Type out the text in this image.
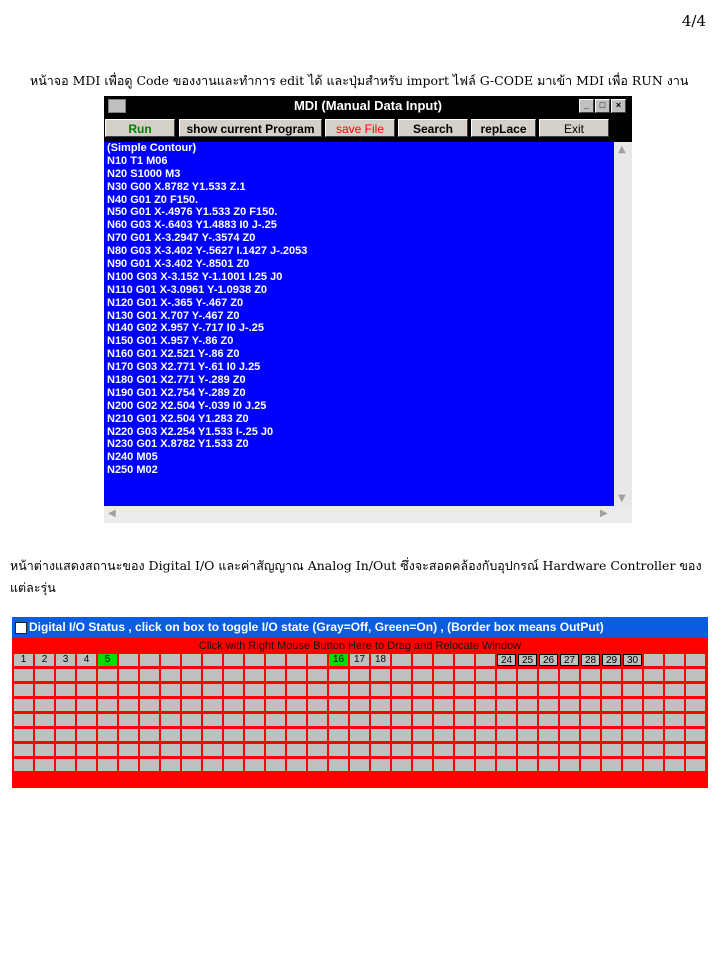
4/4
หน้าจอ MDI เพื่อดู Code ของงานและทำการ edit ได้ และปุ่มสำหรับ import ไฟล์ G-CODE มาเข้า MDI เพื่อ RUN งาน
MDI (Manual Data Input)	_	□	×
Run	show current Program	save File	Search	repLace	Exit
(Simple Contour)
N10 T1 M06
N20 S1000 M3
N30 G00 X.8782 Y1.533 Z.1
N40 G01 Z0 F150.
N50 G01 X-.4976 Y1.533 Z0 F150.
N60 G03 X-.6403 Y1.4883 I0 J-.25
N70 G01 X-3.2947 Y-.3574 Z0
N80 G03 X-3.402 Y-.5627 I.1427 J-.2053
N90 G01 X-3.402 Y-.8501 Z0
N100 G03 X-3.152 Y-1.1001 I.25 J0
N110 G01 X-3.0961 Y-1.0938 Z0
N120 G01 X-.365 Y-.467 Z0
N130 G01 X.707 Y-.467 Z0
N140 G02 X.957 Y-.717 I0 J-.25
N150 G01 X.957 Y-.86 Z0
N160 G01 X2.521 Y-.86 Z0
N170 G03 X2.771 Y-.61 I0 J.25
N180 G01 X2.771 Y-.289 Z0
N190 G01 X2.754 Y-.289 Z0
N200 G02 X2.504 Y-.039 I0 J.25
N210 G01 X2.504 Y1.283 Z0
N220 G03 X2.254 Y1.533 I-.25 J0
N230 G01 X.8782 Y1.533 Z0
N240 M05
N250 M02
▲
▼
◀	▶
หน้าต่างแสดงสถานะของ Digital I/O และค่าสัญญาณ Analog In/Out ซึ่งจะสอดคล้องกับอุปกรณ์ Hardware Controller ของแต่ละรุ่น
Digital I/O Status , click on box to toggle I/O state (Gray=Off, Green=On) , (Border box means OutPut)
Click with Right Mouse Button Here to Drag and Relocate Window
1	2	3	4	5	16 17 18	24 25 26 27 28 29 30
